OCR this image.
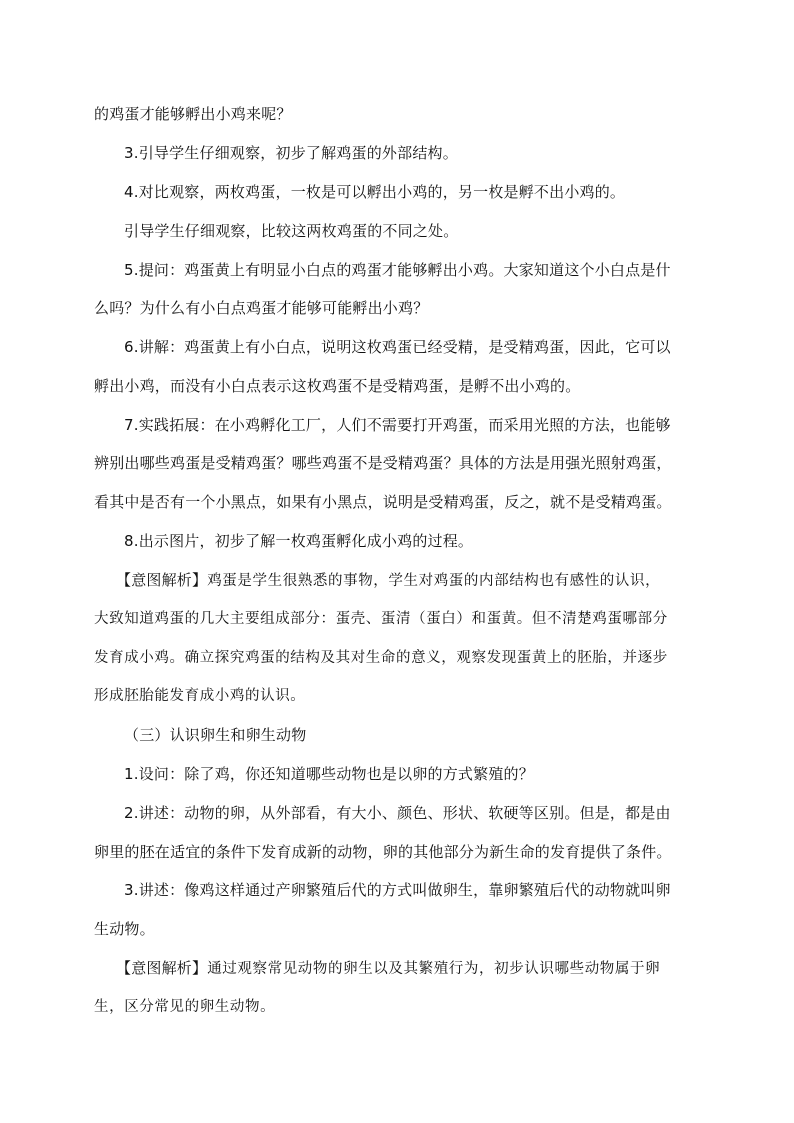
的鸡蛋才能够孵出小鸡来呢？

3.引导学生仔细观察，初步了解鸡蛋的外部结构。

4.对比观察，两枚鸡蛋，一枚是可以孵出小鸡的，另一枚是孵不出小鸡的。

引导学生仔细观察，比较这两枚鸡蛋的不同之处。

5.提问：鸡蛋黄上有明显小白点的鸡蛋才能够孵出小鸡。大家知道这个小白点是什

么吗？为什么有小白点鸡蛋才能够可能孵出小鸡？

6.讲解：鸡蛋黄上有小白点，说明这枚鸡蛋已经受精，是受精鸡蛋，因此，它可以

孵出小鸡，而没有小白点表示这枚鸡蛋不是受精鸡蛋，是孵不出小鸡的。

7.实践拓展：在小鸡孵化工厂，人们不需要打开鸡蛋，而采用光照的方法，也能够

辨别出哪些鸡蛋是受精鸡蛋？哪些鸡蛋不是受精鸡蛋？具体的方法是用强光照射鸡蛋，

看其中是否有一个小黑点，如果有小黑点，说明是受精鸡蛋，反之，就不是受精鸡蛋。

8.出示图片，初步了解一枚鸡蛋孵化成小鸡的过程。

【意图解析】鸡蛋是学生很熟悉的事物，学生对鸡蛋的内部结构也有感性的认识，

大致知道鸡蛋的几大主要组成部分：蛋壳、蛋清（蛋白）和蛋黄。但不清楚鸡蛋哪部分

发育成小鸡。确立探究鸡蛋的结构及其对生命的意义，观察发现蛋黄上的胚胎，并逐步

形成胚胎能发育成小鸡的认识。

（三）认识卵生和卵生动物

1.设问：除了鸡，你还知道哪些动物也是以卵的方式繁殖的？

2.讲述：动物的卵，从外部看，有大小、颜色、形状、软硬等区别。但是，都是由

卵里的胚在适宜的条件下发育成新的动物，卵的其他部分为新生命的发育提供了条件。

3.讲述：像鸡这样通过产卵繁殖后代的方式叫做卵生，靠卵繁殖后代的动物就叫卵

生动物。

【意图解析】通过观察常见动物的卵生以及其繁殖行为，初步认识哪些动物属于卵

生，区分常见的卵生动物。
